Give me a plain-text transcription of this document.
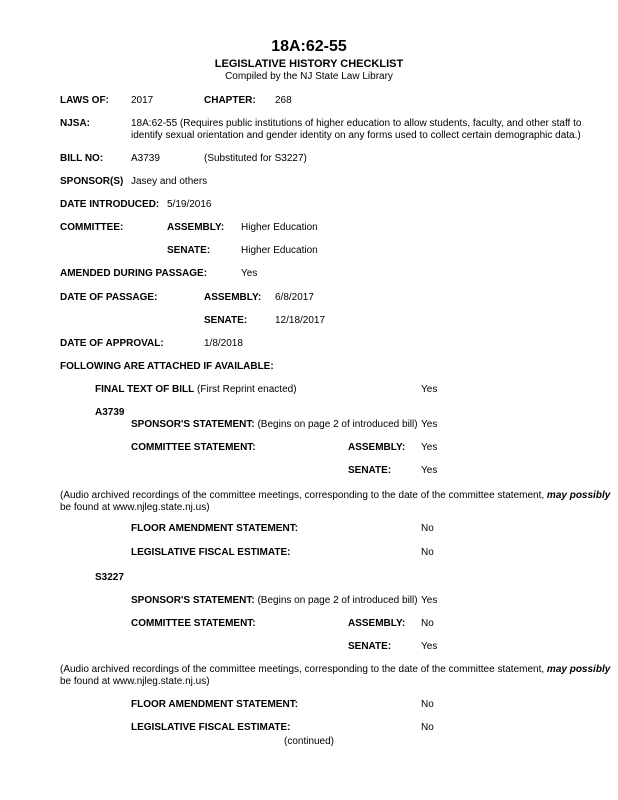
18A:62-55
LEGISLATIVE HISTORY CHECKLIST
Compiled by the NJ State Law Library
LAWS OF: 2017	CHAPTER: 268
NJSA:	18A:62-55 (Requires public institutions of higher education to allow students, faculty, and other staff to
identify sexual orientation and gender identity on any forms used to collect certain demographic data.)
BILL NO:	A3739	(Substituted for S3227)
SPONSOR(S) Jasey and others
DATE INTRODUCED: 5/19/2016
COMMITTEE:	ASSEMBLY: Higher Education
SENATE:	Higher Education
AMENDED DURING PASSAGE:	Yes
DATE OF PASSAGE:	ASSEMBLY: 6/8/2017
SENATE:	12/18/2017
DATE OF APPROVAL:	1/8/2018
FOLLOWING ARE ATTACHED IF AVAILABLE:
FINAL TEXT OF BILL (First Reprint enacted)	Yes
A3739
SPONSOR'S STATEMENT: (Begins on page 2 of introduced bill) Yes
COMMITTEE STATEMENT:	ASSEMBLY: Yes
SENATE:	Yes
(Audio archived recordings of the committee meetings, corresponding to the date of the committee statement, may possibly
be found at www.njleg.state.nj.us)
FLOOR AMENDMENT STATEMENT:	No
LEGISLATIVE FISCAL ESTIMATE:	No
S3227
SPONSOR'S STATEMENT: (Begins on page 2 of introduced bill) Yes
COMMITTEE STATEMENT:	ASSEMBLY: No
SENATE:	Yes
(Audio archived recordings of the committee meetings, corresponding to the date of the committee statement, may possibly
be found at www.njleg.state.nj.us)
FLOOR AMENDMENT STATEMENT:	No
LEGISLATIVE FISCAL ESTIMATE:	No
(continued)
